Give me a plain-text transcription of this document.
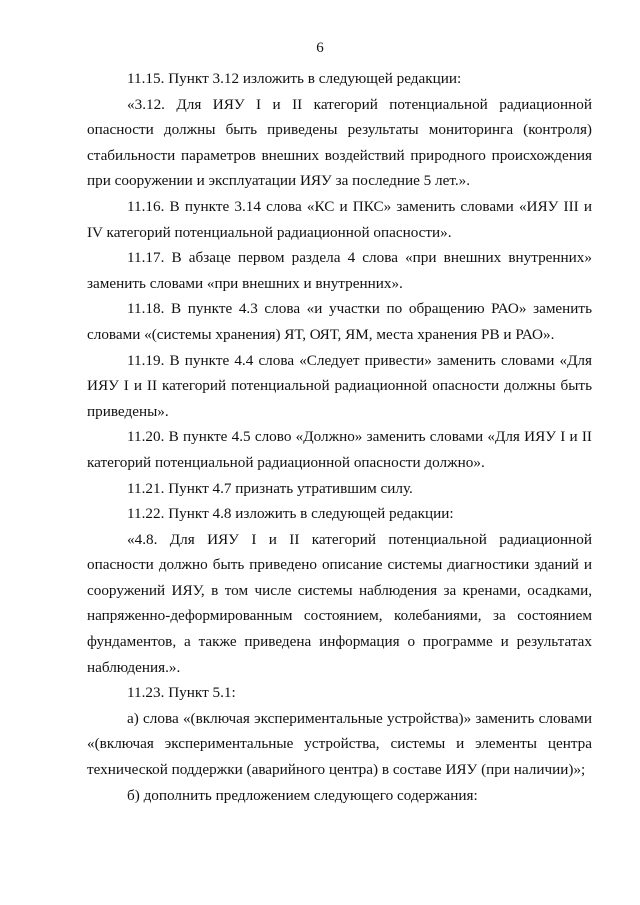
6

11.15. Пункт 3.12 изложить в следующей редакции:

«3.12. Для ИЯУ I и II категорий потенциальной радиационной опасности должны быть приведены результаты мониторинга (контроля) стабильности параметров внешних воздействий природного происхождения при сооружении и эксплуатации ИЯУ за последние 5 лет.».

11.16. В пункте 3.14 слова «КС и ПКС» заменить словами «ИЯУ III и IV категорий потенциальной радиационной опасности».

11.17. В абзаце первом раздела 4 слова «при внешних внутренних» заменить словами «при внешних и внутренних».

11.18. В пункте 4.3 слова «и участки по обращению РАО» заменить словами «(системы хранения) ЯТ, ОЯТ, ЯМ, места хранения РВ и РАО».

11.19. В пункте 4.4 слова «Следует привести» заменить словами «Для ИЯУ I и II категорий потенциальной радиационной опасности должны быть приведены».

11.20. В пункте 4.5 слово «Должно» заменить словами «Для ИЯУ I и II категорий потенциальной радиационной опасности должно».

11.21. Пункт 4.7 признать утратившим силу.

11.22. Пункт 4.8 изложить в следующей редакции:

«4.8. Для ИЯУ I и II категорий потенциальной радиационной опасности должно быть приведено описание системы диагностики зданий и сооружений ИЯУ, в том числе системы наблюдения за кренами, осадками, напряженно-деформированным состоянием, колебаниями, за состоянием фундаментов, а также приведена информация о программе и результатах наблюдения.».

11.23. Пункт 5.1:

а) слова «(включая экспериментальные устройства)» заменить словами «(включая экспериментальные устройства, системы и элементы центра технической поддержки (аварийного центра) в составе ИЯУ (при наличии)»;

б) дополнить предложением следующего содержания:
